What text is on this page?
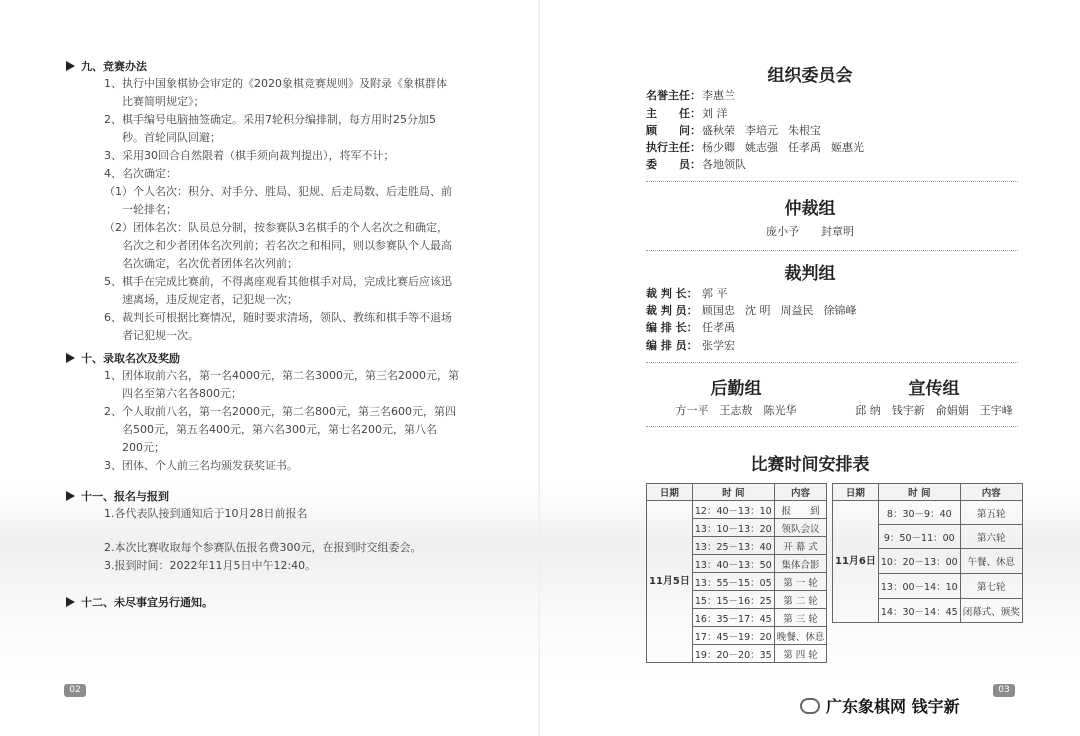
九、竞赛办法
1、执行中国象棋协会审定的《2020象棋竞赛规则》及附录《象棋群体
比赛简明规定》；
2、棋手编号电脑抽签确定。采用7轮积分编排制，每方用时25分加5
秒。首轮同队回避；
3、采用30回合自然限着（棋手须向裁判提出），将军不计；
4、名次确定：
（1）个人名次：积分、对手分、胜局、犯规、后走局数、后走胜局、前
一轮排名；
（2）团体名次：队员总分制，按参赛队3名棋手的个人名次之和确定，
名次之和少者团体名次列前；若名次之和相同，则以参赛队个人最高
名次确定，名次优者团体名次列前；
5、棋手在完成比赛前，不得离座观看其他棋手对局，完成比赛后应该迅
速离场，违反规定者，记犯规一次；
6、裁判长可根据比赛情况，随时要求清场，领队、教练和棋手等不退场
者记犯规一次。
十、录取名次及奖励
1、团体取前六名，第一名4000元，第二名3000元，第三名2000元，第
四名至第六名各800元；
2、个人取前八名，第一名2000元，第二名800元，第三名600元，第四
名500元，第五名400元，第六名300元，第七名200元，第八名
200元；
3、团体、个人前三名均颁发获奖证书。
十一、报名与报到
1.各代表队接到通知后于10月28日前报名
2.本次比赛收取每个参赛队伍报名费300元，在报到时交组委会。
3.报到时间：2022年11月5日中午12:40。
十二、未尽事宜另行通知。
02
组织委员会
名誉主任：李惠兰
主　　任：刘 洋
顾　　问：盛秋荣 李培元 朱根宝
执行主任：杨少卿 姚志强 任孝禹 姬惠光
委　　员：各地领队
仲裁组
庞小予　　封章明
裁判组
裁 判 长： 郭 平
裁 判 员： 顾国忠 沈 明 周益民 徐锦峰
编 排 长： 任孝禹
编 排 员： 张学宏
后勤组
方一平　王志敖　陈光华
宣传组
邱 纳　钱宇新　俞娟娟　王宇峰
比赛时间安排表
日期	时 间	内容
11月5日	12：40－13：10	报　　到
	13：10－13：20	领队会议
	13：25－13：40	开 幕 式
	13：40－13：50	集体合影
	13：55－15：05	第 一 轮
	15：15－16：25	第 二 轮
	16：35－17：45	第 三 轮
	17：45－19：20	晚餐、休息
	19：20－20：35	第 四 轮
日期	时 间	内容
11月6日	8：30－9：40	第五轮
	9：50－11：00	第六轮
	10：20－13：00	午餐、休息
	13：00－14：10	第七轮
	14：30－14：45	闭幕式、颁奖
03
广东象棋网 钱宇新
